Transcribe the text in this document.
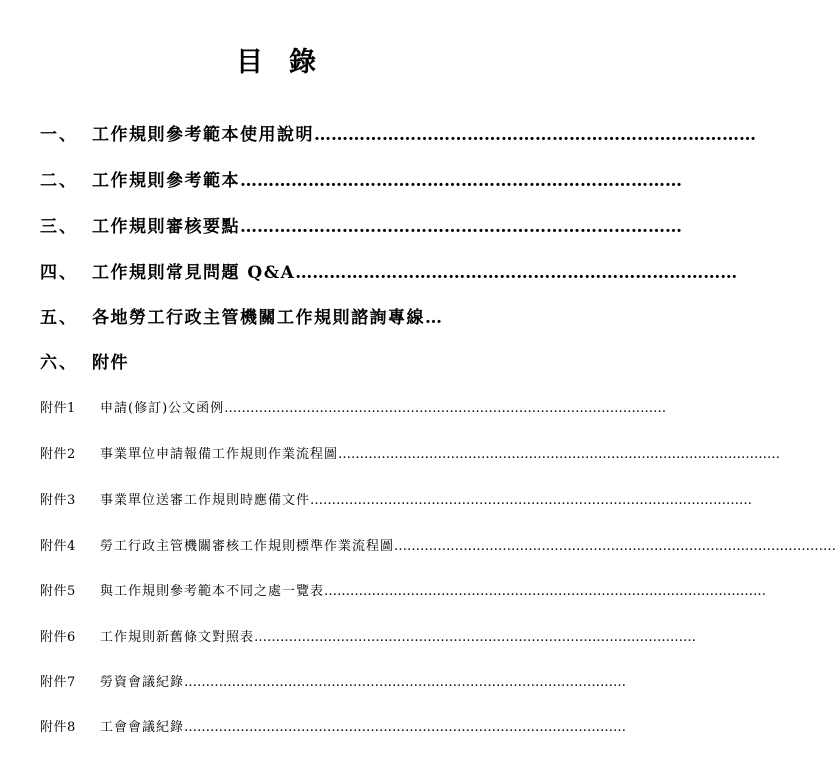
目錄
一、 工作規則參考範本使用說明 ……………………………………………………………………
二、 工作規則參考範本 ……………………………………………………………………
三、 工作規則審核要點 ……………………………………………………………………
四、 工作規則常見問題 Q&A ……………………………………………………………………
五、 各地勞工行政主管機關工作規則諮詢專線…
六、 附件
附件1	申請(修訂)公文函例 …………………………………………………………………………………………
附件2	事業單位申請報備工作規則作業流程圖 …………………………………………………………………………………………
附件3	事業單位送審工作規則時應備文件 …………………………………………………………………………………………
附件4	勞工行政主管機關審核工作規則標準作業流程圖 …………………………………………………………………………………………
附件5	與工作規則參考範本不同之處一覽表 …………………………………………………………………………………………
附件6	工作規則新舊條文對照表 …………………………………………………………………………………………
附件7	勞資會議紀錄 …………………………………………………………………………………………
附件8	工會會議紀錄 …………………………………………………………………………………………
